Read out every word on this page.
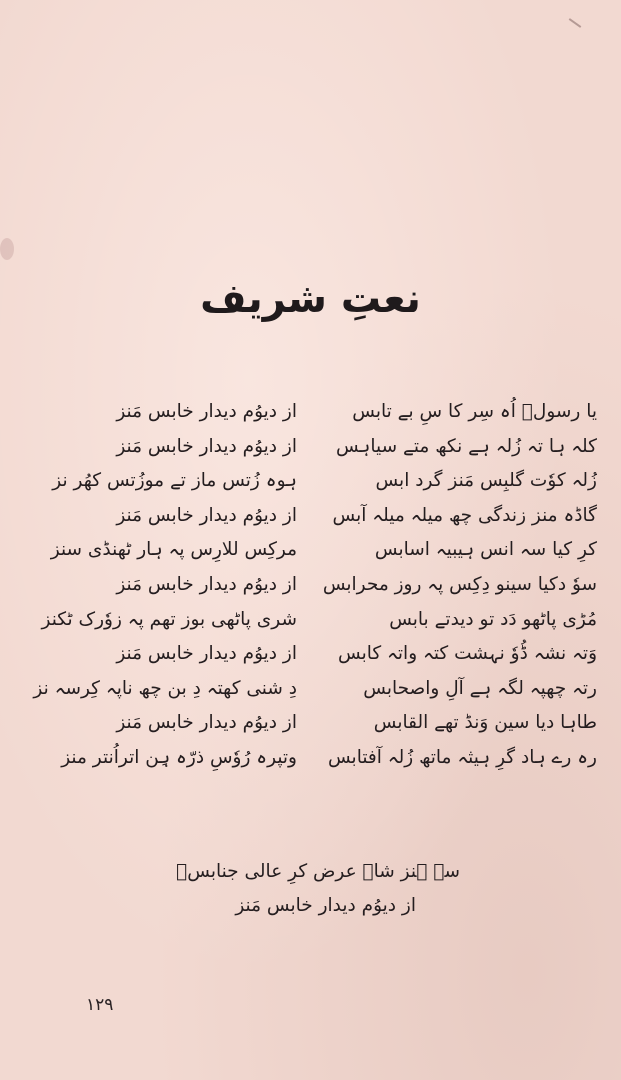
نعتِ شریف
یا رسولؐ اُہ سِر کا سِ بے تابس
از دیوُم دیدار خابس مَنز
کلہ ہا تہ زُلہ ہے نکھ متے سیاہس
از دیوُم دیدار خابس مَنز
زُلہ کوٗت گلبِس مَنز گرد ابس
ہوہ زُتس ماز تے موزُتس کھُر نز
گاڈہ منز زندگی چھ میلہ میلہ آبس
از دیوُم دیدار خابس مَنز
کرِ کیا سہ انس ہیبیہ اسابس
مرکِس للارِس پہ ہار ٹھنڈی سنز
سوٗ دکیا سینو دِکِس پہ روز محرابس
از دیوُم دیدار خابس مَنز
مُڑی پاٹھو دَد تو دیدتے بابس
شری پاٹھی بوز تھم پہ زوٗرک ٹکنز
وَتہ نشہ ڈُوٗ نہشت کتہ واتہ کابس
از دیوُم دیدار خابس مَنز
رتہ چھپہ لگہ ہے آلِ واصحابس
دِ شنی کھتہ دِ بن چھ ناپہ کِرسہ نز
طاہا دیا سین وَنڈ تھے القابس
از دیوُم دیدار خابس مَنز
رہ رے ہاد گرِ ہیثہ ماتھ زُلہ آفتابس
وتپرہ رُوٗسِ ذرّہ ہِن اتراُنتر منز
سہ ہنز شاہ عرض کرِ عالی جنابسؐ
از دیوُم دیدار خابس مَنز
۱۲۹
